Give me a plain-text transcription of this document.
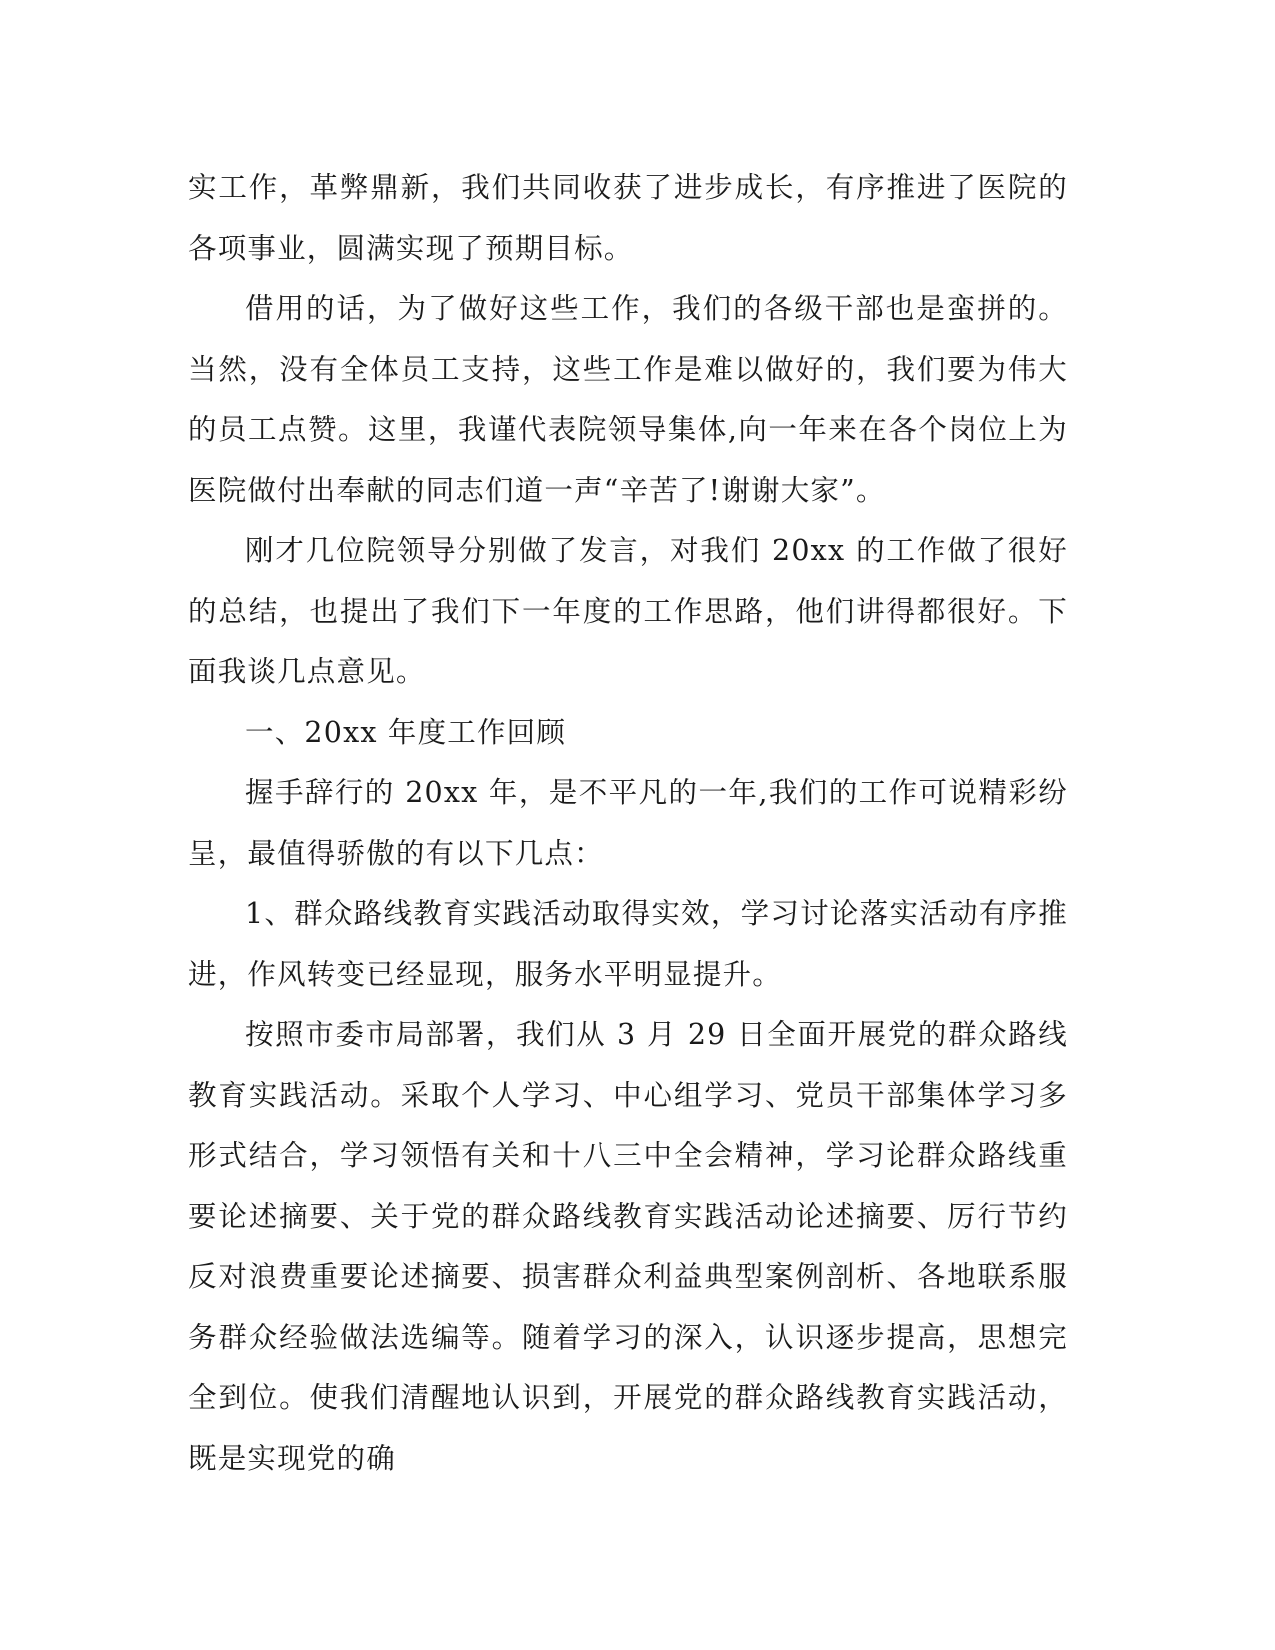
实工作，革弊鼎新，我们共同收获了进步成长，有序推进了医院的各项事业，圆满实现了预期目标。

借用的话，为了做好这些工作，我们的各级干部也是蛮拼的。当然，没有全体员工支持，这些工作是难以做好的，我们要为伟大的员工点赞。这里，我谨代表院领导集体,向一年来在各个岗位上为医院做付出奉献的同志们道一声“辛苦了!谢谢大家”。

刚才几位院领导分别做了发言，对我们 20xx 的工作做了很好的总结，也提出了我们下一年度的工作思路，他们讲得都很好。下面我谈几点意见。

一、20xx 年度工作回顾

握手辞行的 20xx 年，是不平凡的一年,我们的工作可说精彩纷呈，最值得骄傲的有以下几点：

1、群众路线教育实践活动取得实效，学习讨论落实活动有序推进，作风转变已经显现，服务水平明显提升。

按照市委市局部署，我们从 3 月 29 日全面开展党的群众路线教育实践活动。采取个人学习、中心组学习、党员干部集体学习多形式结合，学习领悟有关和十八三中全会精神，学习论群众路线重要论述摘要、关于党的群众路线教育实践活动论述摘要、厉行节约反对浪费重要论述摘要、损害群众利益典型案例剖析、各地联系服务群众经验做法选编等。随着学习的深入，认识逐步提高，思想完全到位。使我们清醒地认识到，开展党的群众路线教育实践活动，既是实现党的确
